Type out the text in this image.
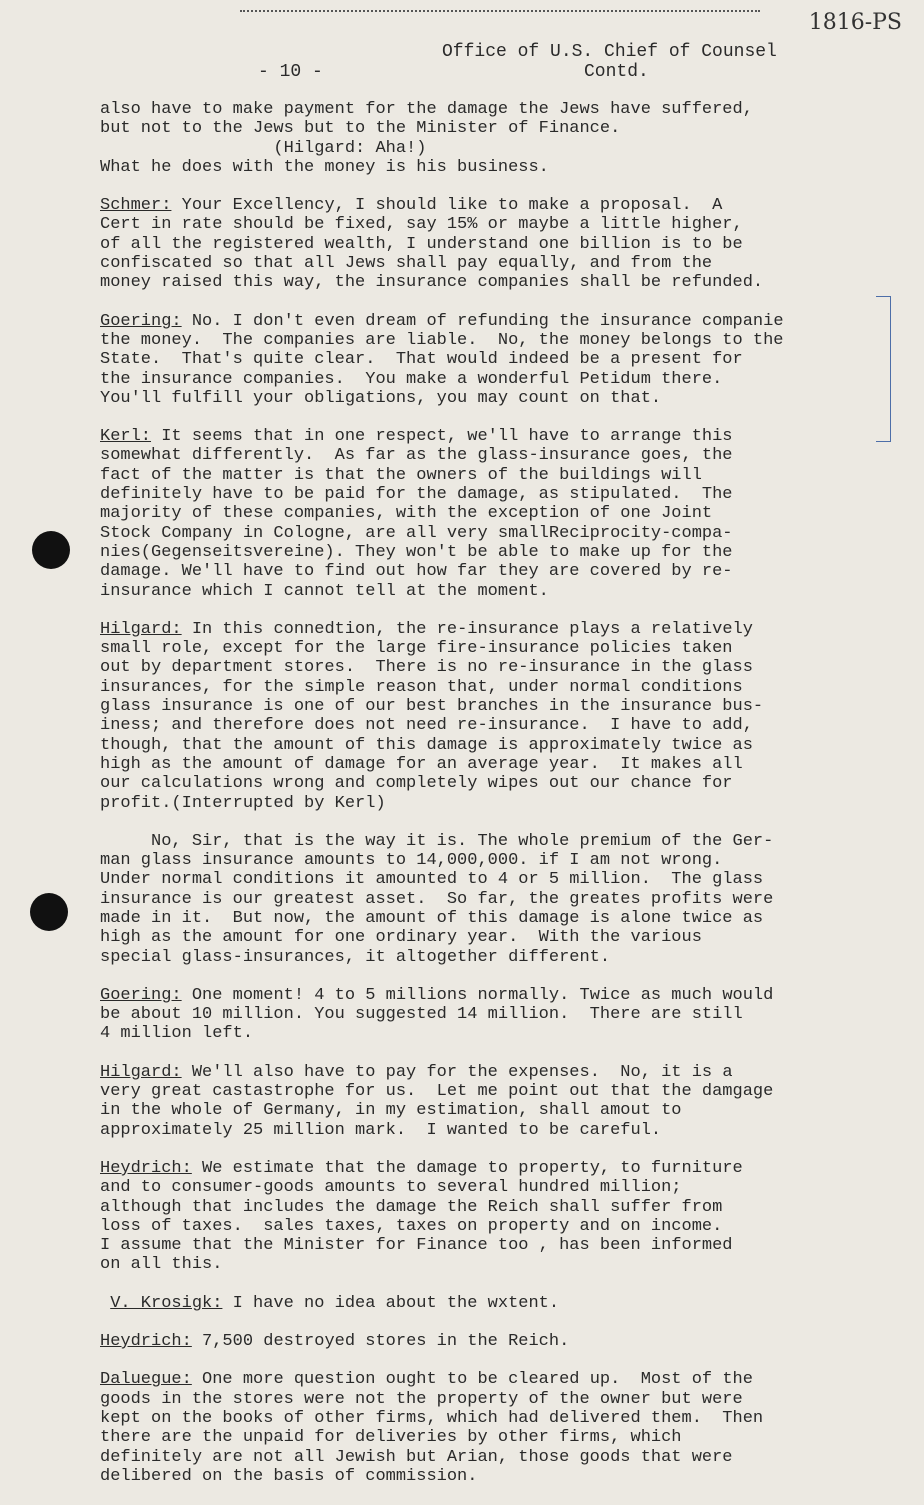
1816-PS
Office of U.S. Chief of Counsel
Contd.
- 10 -
also have to make payment for the damage the Jews have suffered,
but not to the Jews but to the Minister of Finance.
(Hilgard: Aha!)
What he does with the money is his business.
Schmer: Your Excellency, I should like to make a proposal.  A
Cert in rate should be fixed, say 15% or maybe a little higher,
of all the registered wealth, I understand one billion is to be
confiscated so that all Jews shall pay equally, and from the
money raised this way, the insurance companies shall be refunded.
Goering: No. I don't even dream of refunding the insurance companie
the money.  The companies are liable.  No, the money belongs to the
State.  That's quite clear.  That would indeed be a present for
the insurance companies.  You make a wonderful Petidum there.
You'll fulfill your obligations, you may count on that.
Kerl: It seems that in one respect, we'll have to arrange this
somewhat differently.  As far as the glass-insurance goes, the
fact of the matter is that the owners of the buildings will
definitely have to be paid for the damage, as stipulated.  The
majority of these companies, with the exception of one Joint
Stock Company in Cologne, are all very smallReciprocity-compa-
nies(Gegenseitsvereine). They won't be able to make up for the
damage. We'll have to find out how far they are covered by re-
insurance which I cannot tell at the moment.
Hilgard: In this connedtion, the re-insurance plays a relatively
small role, except for the large fire-insurance policies taken
out by department stores.  There is no re-insurance in the glass
insurances, for the simple reason that, under normal conditions
glass insurance is one of our best branches in the insurance bus-
iness; and therefore does not need re-insurance.  I have to add,
though, that the amount of this damage is approximately twice as
high as the amount of damage for an average year.  It makes all
our calculations wrong and completely wipes out our chance for
profit.(Interrupted by Kerl)
No, Sir, that is the way it is. The whole premium of the Ger-
man glass insurance amounts to 14,000,000. if I am not wrong.
Under normal conditions it amounted to 4 or 5 million.  The glass
insurance is our greatest asset.  So far, the greates profits were
made in it.  But now, the amount of this damage is alone twice as
high as the amount for one ordinary year.  With the various
special glass-insurances, it altogether different.
Goering: One moment! 4 to 5 millions normally. Twice as much would
be about 10 million. You suggested 14 million.  There are still
4 million left.
Hilgard: We'll also have to pay for the expenses.  No, it is a
very great castastrophe for us.  Let me point out that the damgage
in the whole of Germany, in my estimation, shall amout to
approximately 25 million mark.  I wanted to be careful.
Heydrich: We estimate that the damage to property, to furniture
and to consumer-goods amounts to several hundred million;
although that includes the damage the Reich shall suffer from
loss of taxes.  sales taxes, taxes on property and on income.
I assume that the Minister for Finance too , has been informed
on all this.
V. Krosigk: I have no idea about the wxtent.
Heydrich: 7,500 destroyed stores in the Reich.
Daluegue: One more question ought to be cleared up.  Most of the
goods in the stores were not the property of the owner but were
kept on the books of other firms, which had delivered them.  Then
there are the unpaid for deliveries by other firms, which
definitely are not all Jewish but Arian, those goods that were
delibered on the basis of commission.
